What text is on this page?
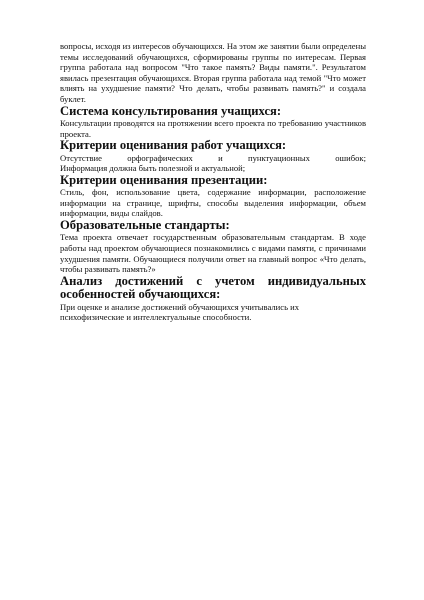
вопросы, исходя из интересов обучающихся. На этом же занятии были определены темы исследований обучающихся, сформированы группы по интересам. Первая группа работала над вопросом "Что такое память? Виды памяти.". Результатом явилась презентация обучающихся. Вторая группа работала над темой "Что может влиять на ухудшение памяти? Что делать, чтобы развивать память?" и создала буклет.

Система консультирования учащихся:

Консультации проводятся на протяжении всего проекта по требованию участников проекта.

Критерии оценивания работ учащихся:

Отсутствие орфографических и пунктуационных ошибок;

Информация должна быть полезной и актуальной;

Критерии оценивания презентации:

Стиль, фон, использование цвета, содержание информации, расположение информации на странице, шрифты, способы выделения информации, объем информации, виды слайдов.

Образовательные стандарты:

Тема проекта отвечает государственным образовательным стандартам. В ходе работы над проектом обучающиеся познакомились с видами памяти, с причинами ухудшения памяти. Обучающиеся получили ответ на главный вопрос «Что делать, чтобы развивать память?»

Анализ достижений с учетом индивидуальных
особенностей обучающихся:

При оценке и анализе достижений обучающихся учитывались их

психофизические и интеллектуальные способности.
